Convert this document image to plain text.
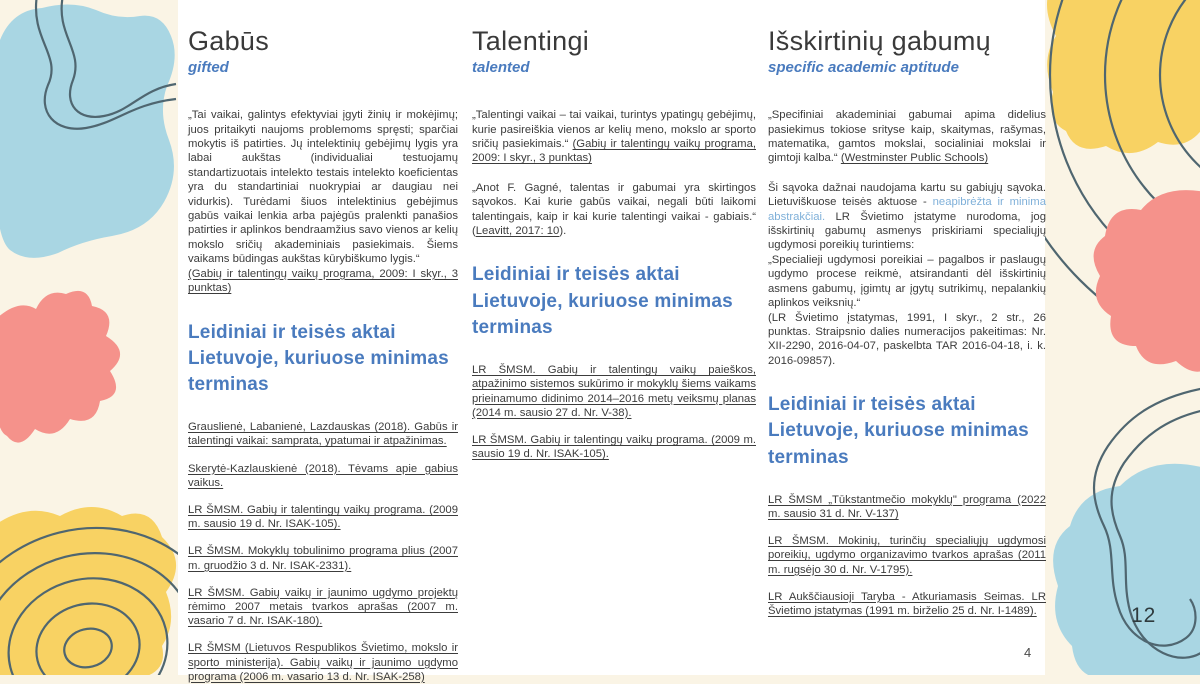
Gabūs
gifted

„Tai vaikai, galintys efektyviai įgyti žinių ir mokėjimų; juos pritaikyti naujoms problemoms spręsti; sparčiai mokytis iš patirties. Jų intelektinių gebėjimų lygis yra labai aukštas (individualiai testuojamų standartizuotais intelekto testais intelekto koeficientas yra du standartiniai nuokrypiai ar daugiau nei vidurkis). Turėdami šiuos intelektinius gebėjimus gabūs vaikai lenkia arba pajėgūs pralenkti panašios patirties ir aplinkos bendraamžius savo vienos ar kelių mokslo sričių akademiniais pasiekimais. Šiems vaikams būdingas aukštas kūrybiškumo lygis.“
(Gabių ir talentingų vaikų programa, 2009: I skyr., 3 punktas)

Leidiniai ir teisės aktai Lietuvoje, kuriuose minimas terminas

Grauslienė, Labanienė, Lazdauskas (2018). Gabūs ir talentingi vaikai: samprata, ypatumai ir atpažinimas.

Skerytė-Kazlauskienė (2018). Tėvams apie gabius vaikus.

LR ŠMSM. Gabių ir talentingų vaikų programa. (2009 m. sausio 19 d. Nr. ISAK-105).

LR ŠMSM. Mokyklų tobulinimo programa plius (2007 m. gruodžio 3 d. Nr. ISAK-2331).

LR ŠMSM. Gabių vaikų ir jaunimo ugdymo projektų rėmimo 2007 metais tvarkos aprašas (2007 m. vasario 7 d. Nr. ISAK-180).

LR ŠMSM (Lietuvos Respublikos Švietimo, mokslo ir sporto ministerija). Gabių vaikų ir jaunimo ugdymo programa (2006 m. vasario 13 d. Nr. ISAK-258)

Talentingi
talented

„Talentingi vaikai – tai vaikai, turintys ypatingų gebėjimų, kurie pasireiškia vienos ar kelių meno, mokslo ar sporto sričių pasiekimais.“ (Gabių ir talentingų vaikų programa, 2009: I skyr., 3 punktas)

„Anot F. Gagné, talentas ir gabumai yra skirtingos sąvokos. Kai kurie gabūs vaikai, negali būti laikomi talentingais, kaip ir kai kurie talentingi vaikai - gabiais.“ (Leavitt, 2017: 10).

Leidiniai ir teisės aktai Lietuvoje, kuriuose minimas terminas

LR ŠMSM. Gabių ir talentingų vaikų paieškos, atpažinimo sistemos sukūrimo ir mokyklų šiems vaikams prieinamumo didinimo 2014–2016 metų veiksmų planas (2014 m. sausio 27 d. Nr. V-38).

LR ŠMSM. Gabių ir talentingų vaikų programa. (2009 m. sausio 19 d. Nr. ISAK-105).

Išskirtinių gabumų
specific academic aptitude

„Specifiniai akademiniai gabumai apima didelius pasiekimus tokiose srityse kaip, skaitymas, rašymas, matematika, gamtos mokslai, socialiniai mokslai ir gimtoji kalba.“ (Westminster Public Schools)

Ši sąvoka dažnai naudojama kartu su gabiųjų sąvoka. Lietuviškuose teisės aktuose - neapibrėžta ir minima abstrakčiai. LR Švietimo įstatyme nurodoma, jog išskirtinių gabumų asmenys priskiriami specialiųjų ugdymosi poreikių turintiems:
„Specialieji ugdymosi poreikiai – pagalbos ir paslaugų ugdymo procese reikmė, atsirandanti dėl išskirtinių asmens gabumų, įgimtų ar įgytų sutrikimų, nepalankių aplinkos veiksnių.“
(LR Švietimo įstatymas, 1991, I skyr., 2 str., 26 punktas. Straipsnio dalies numeracijos pakeitimas: Nr. XII-2290, 2016-04-07, paskelbta TAR 2016-04-18, i. k. 2016-09857).

Leidiniai ir teisės aktai Lietuvoje, kuriuose minimas terminas

LR ŠMSM „Tūkstantmečio mokyklų" programa (2022 m. sausio 31 d. Nr. V-137)

LR ŠMSM. Mokinių, turinčių specialiųjų ugdymosi poreikių, ugdymo organizavimo tvarkos aprašas (2011 m. rugsėjo 30 d. Nr. V-1795).

LR Aukščiausioji Taryba - Atkuriamasis Seimas. LR Švietimo įstatymas (1991 m. birželio 25 d. Nr. I-1489).	12
4
